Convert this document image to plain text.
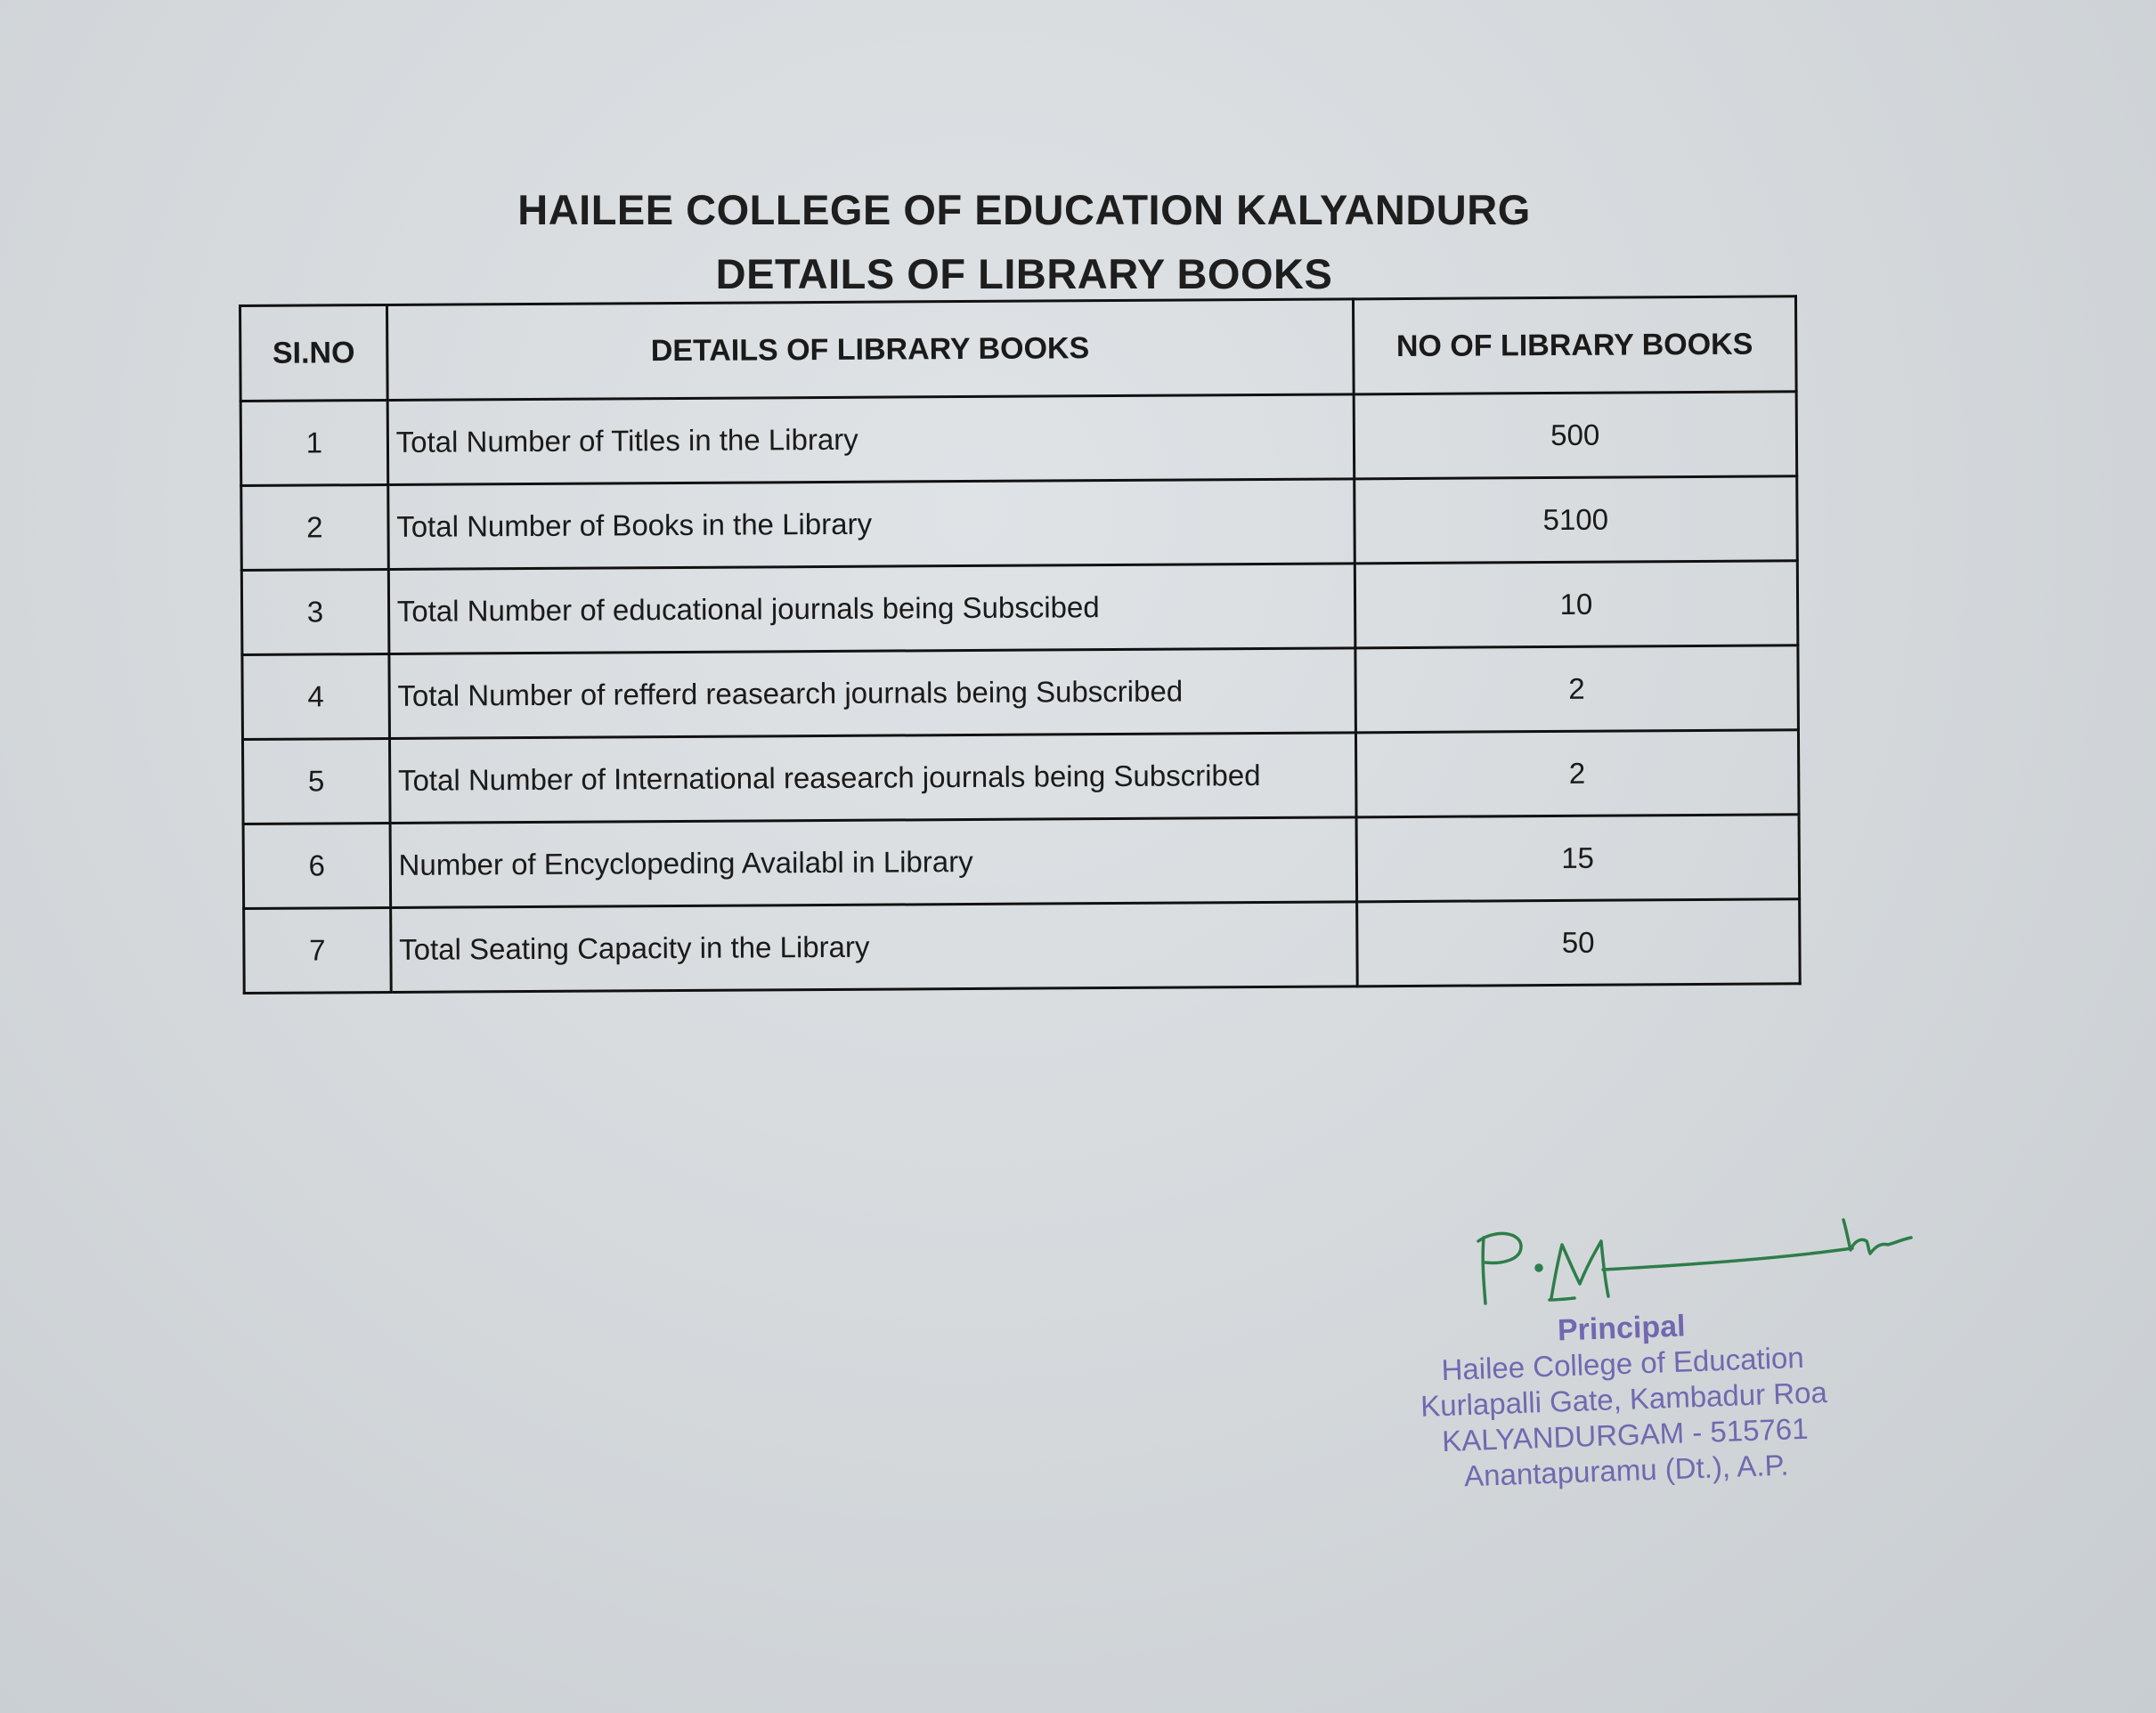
HAILEE COLLEGE OF EDUCATION KALYANDURG
DETAILS OF LIBRARY BOOKS
SI.NO	DETAILS OF LIBRARY BOOKS	NO OF LIBRARY BOOKS
1	Total Number of Titles in the Library	500
2	Total Number of Books in the Library	5100
3	Total Number of educational journals being Subscibed	10
4	Total Number of refferd reasearch journals being Subscribed	2
5	Total Number of International reasearch journals being Subscribed	2
6	Number of Encyclopeding Availabl in Library	15
7	Total Seating Capacity in the Library	50
Principal
Hailee College of Education
Kurlapalli Gate, Kambadur Roa
KALYANDURGAM - 515761
Anantapuramu (Dt.), A.P.
